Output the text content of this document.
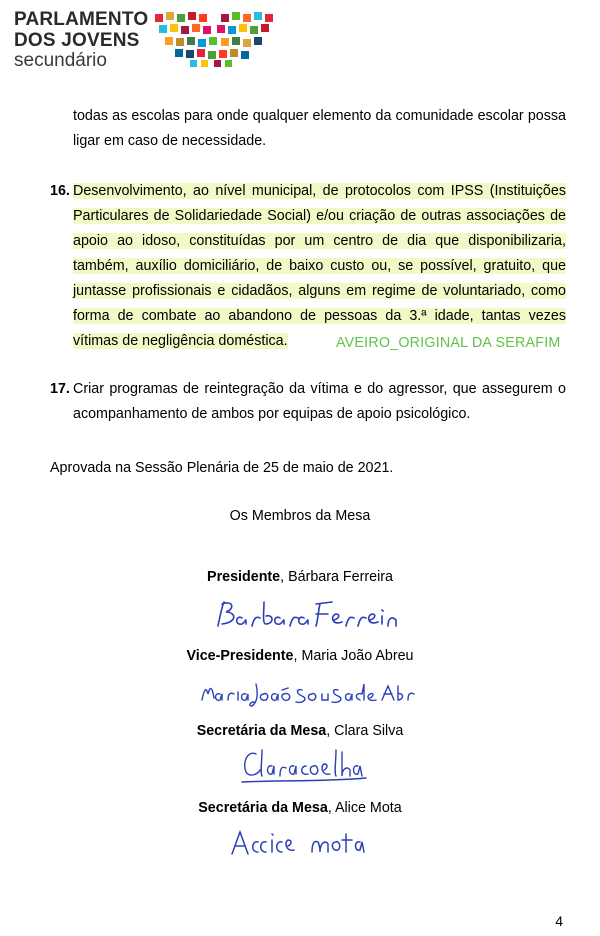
PARLAMENTO
DOS JOVENS
secundário
todas as escolas para onde qualquer elemento da comunidade escolar possa ligar em caso de necessidade.
16. Desenvolvimento, ao nível municipal, de protocolos com IPSS (Instituições Particulares de Solidariedade Social) e/ou criação de outras associações de apoio ao idoso, constituídas por um centro de dia que disponibilizaria, também, auxílio domiciliário, de baixo custo ou, se possível, gratuito, que juntasse profissionais e cidadãos, alguns em regime de voluntariado, como forma de combate ao abandono de pessoas da 3.ª idade, tantas vezes vítimas de negligência doméstica.	AVEIRO_ORIGINAL DA SERAFIM
17. Criar programas de reintegração da vítima e do agressor, que assegurem o acompanhamento de ambos por equipas de apoio psicológico.
Aprovada na Sessão Plenária de 25 de maio de 2021.
Os Membros da Mesa
Presidente, Bárbara Ferreira
Vice-Presidente, Maria João Abreu
Secretária da Mesa, Clara Silva
Secretária da Mesa, Alice Mota
4
